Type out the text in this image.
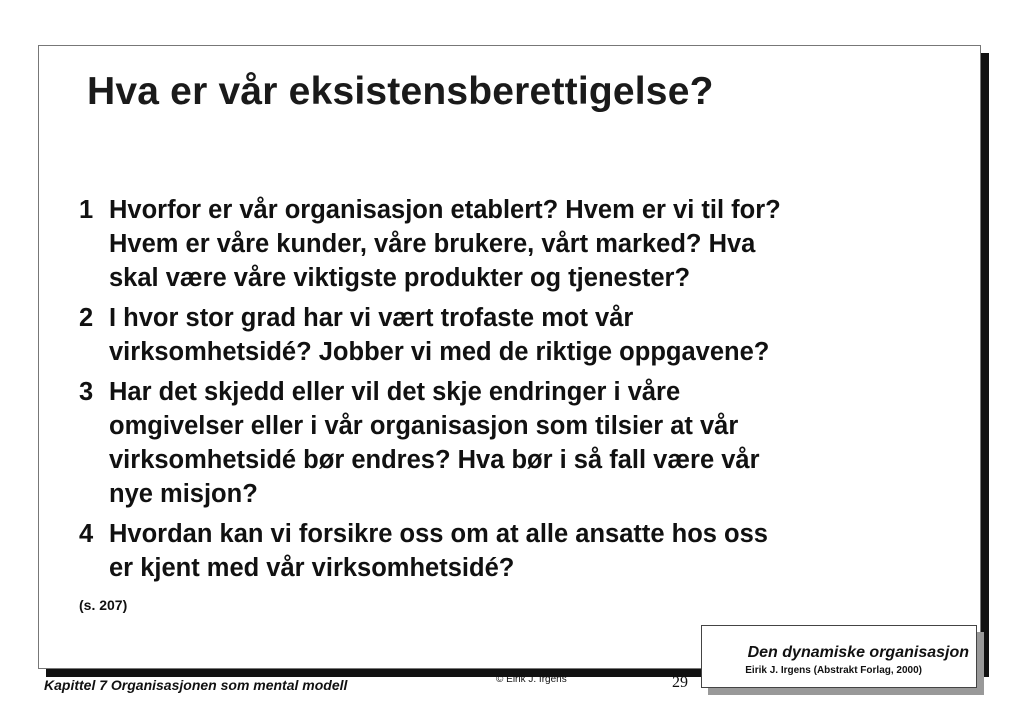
Hva er vår eksistensberettigelse?
1 Hvorfor er vår organisasjon etablert? Hvem er vi til for?
Hvem er våre kunder, våre brukere, vårt marked? Hva
skal være våre viktigste produkter og tjenester?
2 I hvor stor grad har vi vært trofaste mot vår
virksomhetsidé? Jobber vi med de riktige oppgavene?
3 Har det skjedd eller vil det skje endringer i våre
omgivelser eller i vår organisasjon som tilsier at vår
virksomhetsidé bør endres? Hva bør i så fall være vår
nye misjon?
4 Hvordan kan vi forsikre oss om at alle ansatte hos oss
er kjent med vår virksomhetsidé?
(s. 207)
Den dynamiske organisasjon
Eirik J. Irgens (Abstrakt Forlag, 2000)
Kapittel 7 Organisasjonen som mental modell	© Eirik J. Irgens	29
